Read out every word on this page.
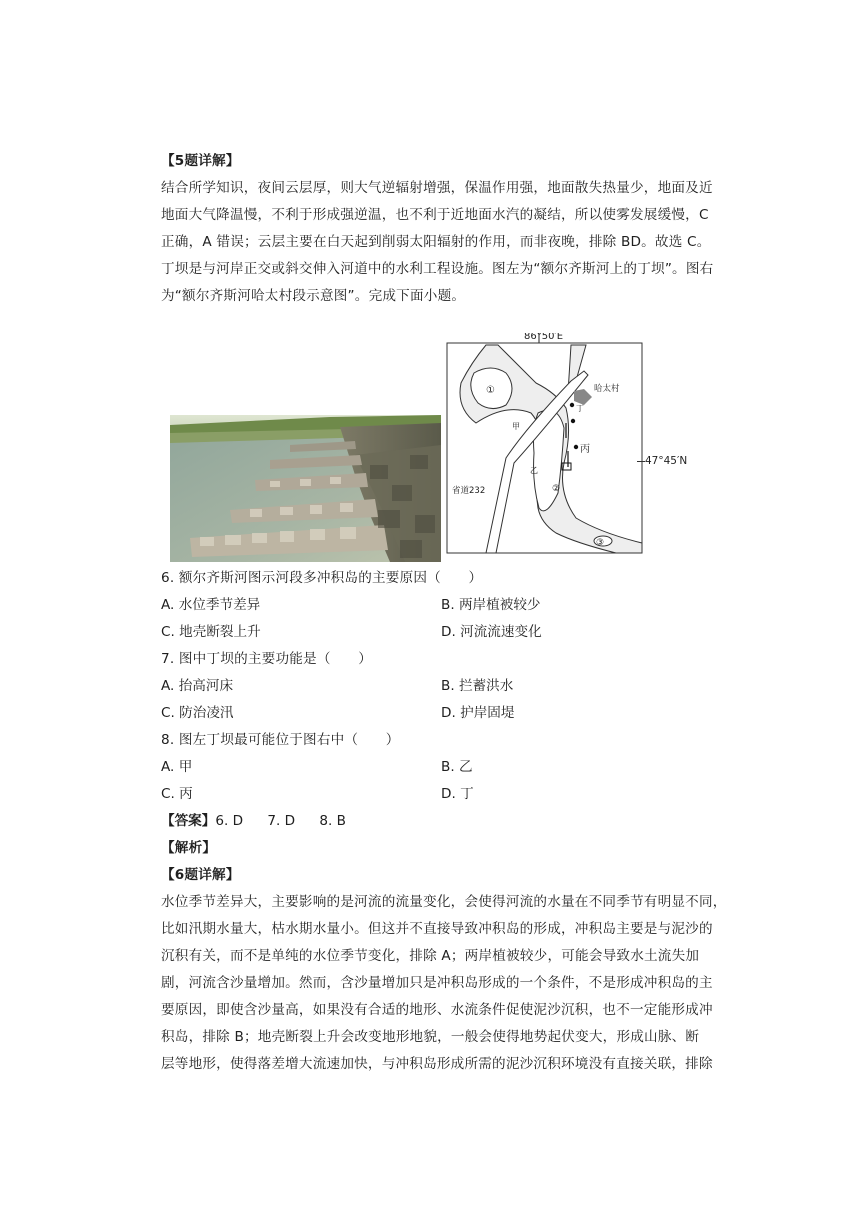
【5题详解】
结合所学知识，夜间云层厚，则大气逆辐射增强，保温作用强，地面散失热量少，地面及近
地面大气降温慢，不利于形成强逆温，也不利于近地面水汽的凝结，所以使雾发展缓慢，C
正确，A 错误；云层主要在白天起到削弱太阳辐射的作用，而非夜晚，排除 BD。故选 C。
丁坝是与河岸正交或斜交伸入河道中的水利工程设施。图左为“额尔齐斯河上的丁坝”。图右
为“额尔齐斯河哈太村段示意图”。完成下面小题。
86°50′E
①
②
③
省道232
哈太村
甲
乙
丁
丙
47°45′N
6. 额尔齐斯河图示河段多冲积岛的主要原因（　　）
A. 水位季节差异	B. 两岸植被较少
C. 地壳断裂上升	D. 河流流速变化
7. 图中丁坝的主要功能是（　　）
A. 抬高河床	B. 拦蓄洪水
C. 防治凌汛	D. 护岸固堤
8. 图左丁坝最可能位于图右中（　　）
A. 甲	B. 乙
C. 丙	D. 丁
【答案】6. D 7. D 8. B
【解析】
【6题详解】
水位季节差异大，主要影响的是河流的流量变化，会使得河流的水量在不同季节有明显不同，
比如汛期水量大，枯水期水量小。但这并不直接导致冲积岛的形成，冲积岛主要是与泥沙的
沉积有关，而不是单纯的水位季节变化，排除 A；两岸植被较少，可能会导致水土流失加
剧，河流含沙量增加。然而，含沙量增加只是冲积岛形成的一个条件，不是形成冲积岛的主
要原因，即使含沙量高，如果没有合适的地形、水流条件促使泥沙沉积，也不一定能形成冲
积岛，排除 B；地壳断裂上升会改变地形地貌，一般会使得地势起伏变大，形成山脉、断
层等地形，使得落差增大流速加快，与冲积岛形成所需的泥沙沉积环境没有直接关联，排除
